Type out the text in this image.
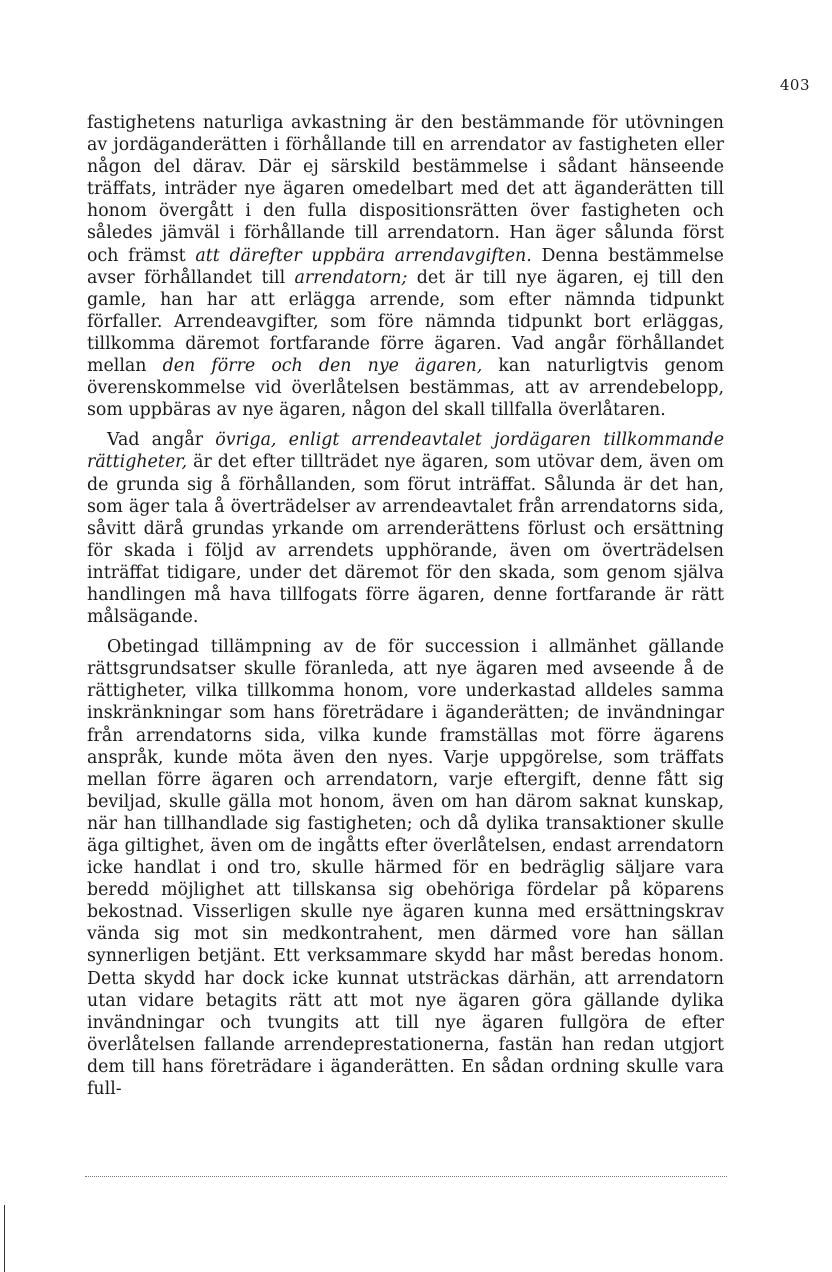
403

fastighetens naturliga avkastning är den bestämmande för utövningen av jordäganderätten i förhållande till en arrendator av fastigheten eller någon del därav. Där ej särskild bestämmelse i sådant hänseende träffats, inträder nye ägaren omedelbart med det att äganderätten till honom övergått i den fulla dispositionsrätten över fastigheten och således jämväl i förhållande till arrendatorn. Han äger sålunda först och främst att därefter uppbära arrendavgiften. Denna bestämmelse avser förhållandet till arrendatorn; det är till nye ägaren, ej till den gamle, han har att erlägga arrende, som efter nämnda tidpunkt förfaller. Arrendeavgifter, som före nämnda tidpunkt bort erläggas, tillkomma däremot fortfarande förre ägaren. Vad angår förhållandet mellan den förre och den nye ägaren, kan naturligtvis genom överenskommelse vid överlåtelsen bestämmas, att av arrendebelopp, som uppbäras av nye ägaren, någon del skall tillfalla överlåtaren.

Vad angår övriga, enligt arrendeavtalet jordägaren tillkommande rättigheter, är det efter tillträdet nye ägaren, som utövar dem, även om de grunda sig å förhållanden, som förut inträffat. Sålunda är det han, som äger tala å överträdelser av arrendeavtalet från arrendatorns sida, såvitt därå grundas yrkande om arrenderättens förlust och ersättning för skada i följd av arrendets upphörande, även om överträdelsen inträffat tidigare, under det däremot för den skada, som genom själva handlingen må hava tillfogats förre ägaren, denne fortfarande är rätt målsägande.

Obetingad tillämpning av de för succession i allmänhet gällande rättsgrundsatser skulle föranleda, att nye ägaren med avseende å de rättigheter, vilka tillkomma honom, vore underkastad alldeles samma inskränkningar som hans företrädare i äganderätten; de invändningar från arrendatorns sida, vilka kunde framställas mot förre ägarens anspråk, kunde möta även den nyes. Varje uppgörelse, som träffats mellan förre ägaren och arrendatorn, varje eftergift, denne fått sig beviljad, skulle gälla mot honom, även om han därom saknat kunskap, när han tillhandlade sig fastigheten; och då dylika transaktioner skulle äga giltighet, även om de ingåtts efter överlåtelsen, endast arrendatorn icke handlat i ond tro, skulle härmed för en bedräglig säljare vara beredd möjlighet att tillskansa sig obehöriga fördelar på köparens bekostnad. Visserligen skulle nye ägaren kunna med ersättningskrav vända sig mot sin medkontrahent, men därmed vore han sällan synnerligen betjänt. Ett verksammare skydd har måst beredas honom. Detta skydd har dock icke kunnat utsträckas därhän, att arrendatorn utan vidare betagits rätt att mot nye ägaren göra gällande dylika invändningar och tvungits att till nye ägaren fullgöra de efter överlåtelsen fallande arrendeprestationerna, fastän han redan utgjort dem till hans företrädare i äganderätten. En sådan ordning skulle vara full-
